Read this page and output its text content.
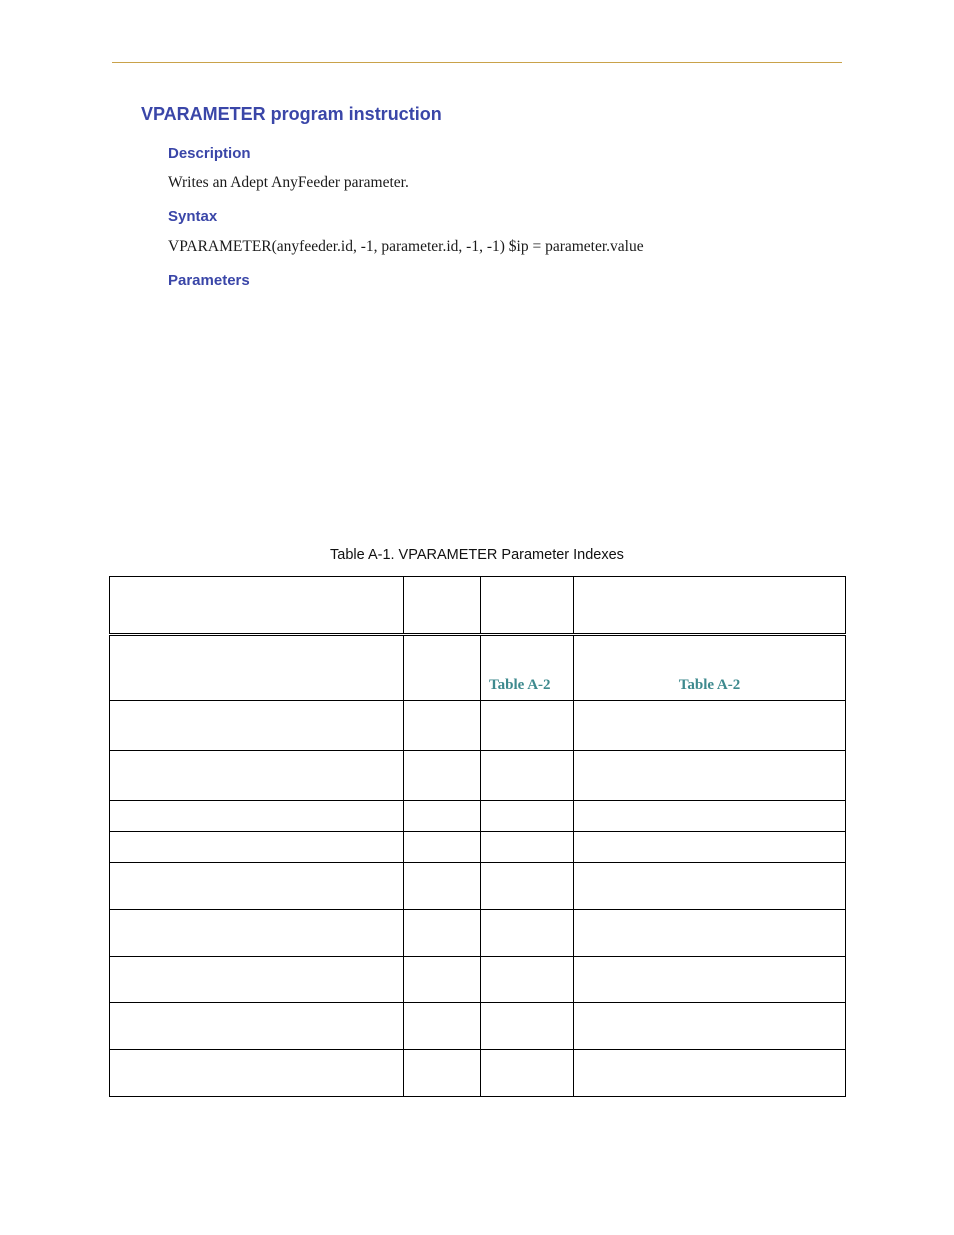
VPARAMETER program instruction
Description

Writes an Adept AnyFeeder parameter.

Syntax

VPARAMETER(anyfeeder.id, -1, parameter.id, -1, -1) $ip = parameter.value

Parameters

Table A-1. VPARAMETER Parameter Indexes

		Table A-2	Table A-2
